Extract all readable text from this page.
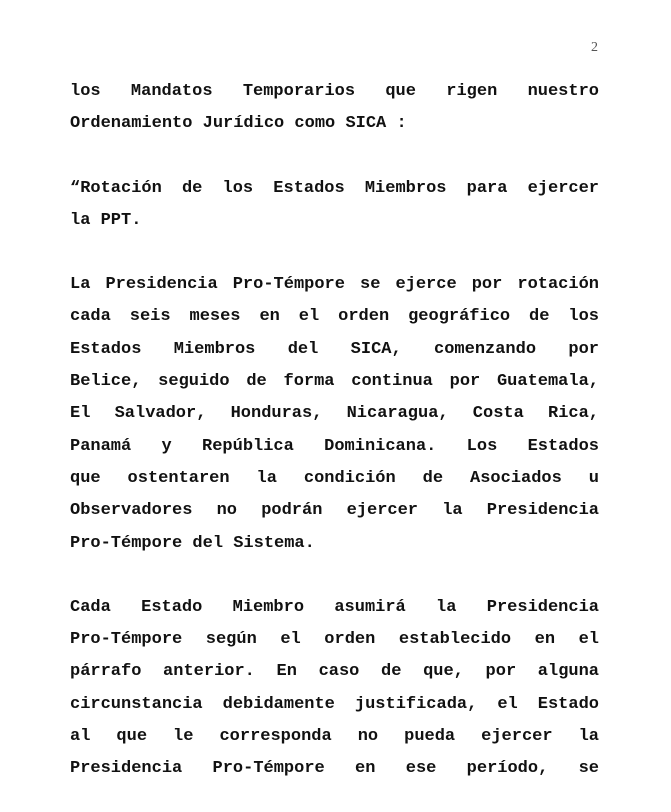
2

los Mandatos Temporarios que rigen nuestro
Ordenamiento Jurídico como SICA :

“Rotación de los Estados Miembros para ejercer
la PPT.

La Presidencia Pro-Témpore se ejerce por rotación
cada seis meses en el orden geográfico de los
Estados Miembros del SICA, comenzando por
Belice, seguido de forma continua por Guatemala,
El Salvador, Honduras, Nicaragua, Costa Rica,
Panamá y República Dominicana. Los Estados
que ostentaren la condición de Asociados u
Observadores no podrán ejercer la Presidencia
Pro-Témpore del Sistema.

Cada Estado Miembro asumirá la Presidencia
Pro-Témpore según el orden establecido en el
párrafo anterior. En caso de que, por alguna
circunstancia debidamente justificada, el Estado
al que le corresponda no pueda ejercer la
Presidencia Pro-Témpore en ese período, se
